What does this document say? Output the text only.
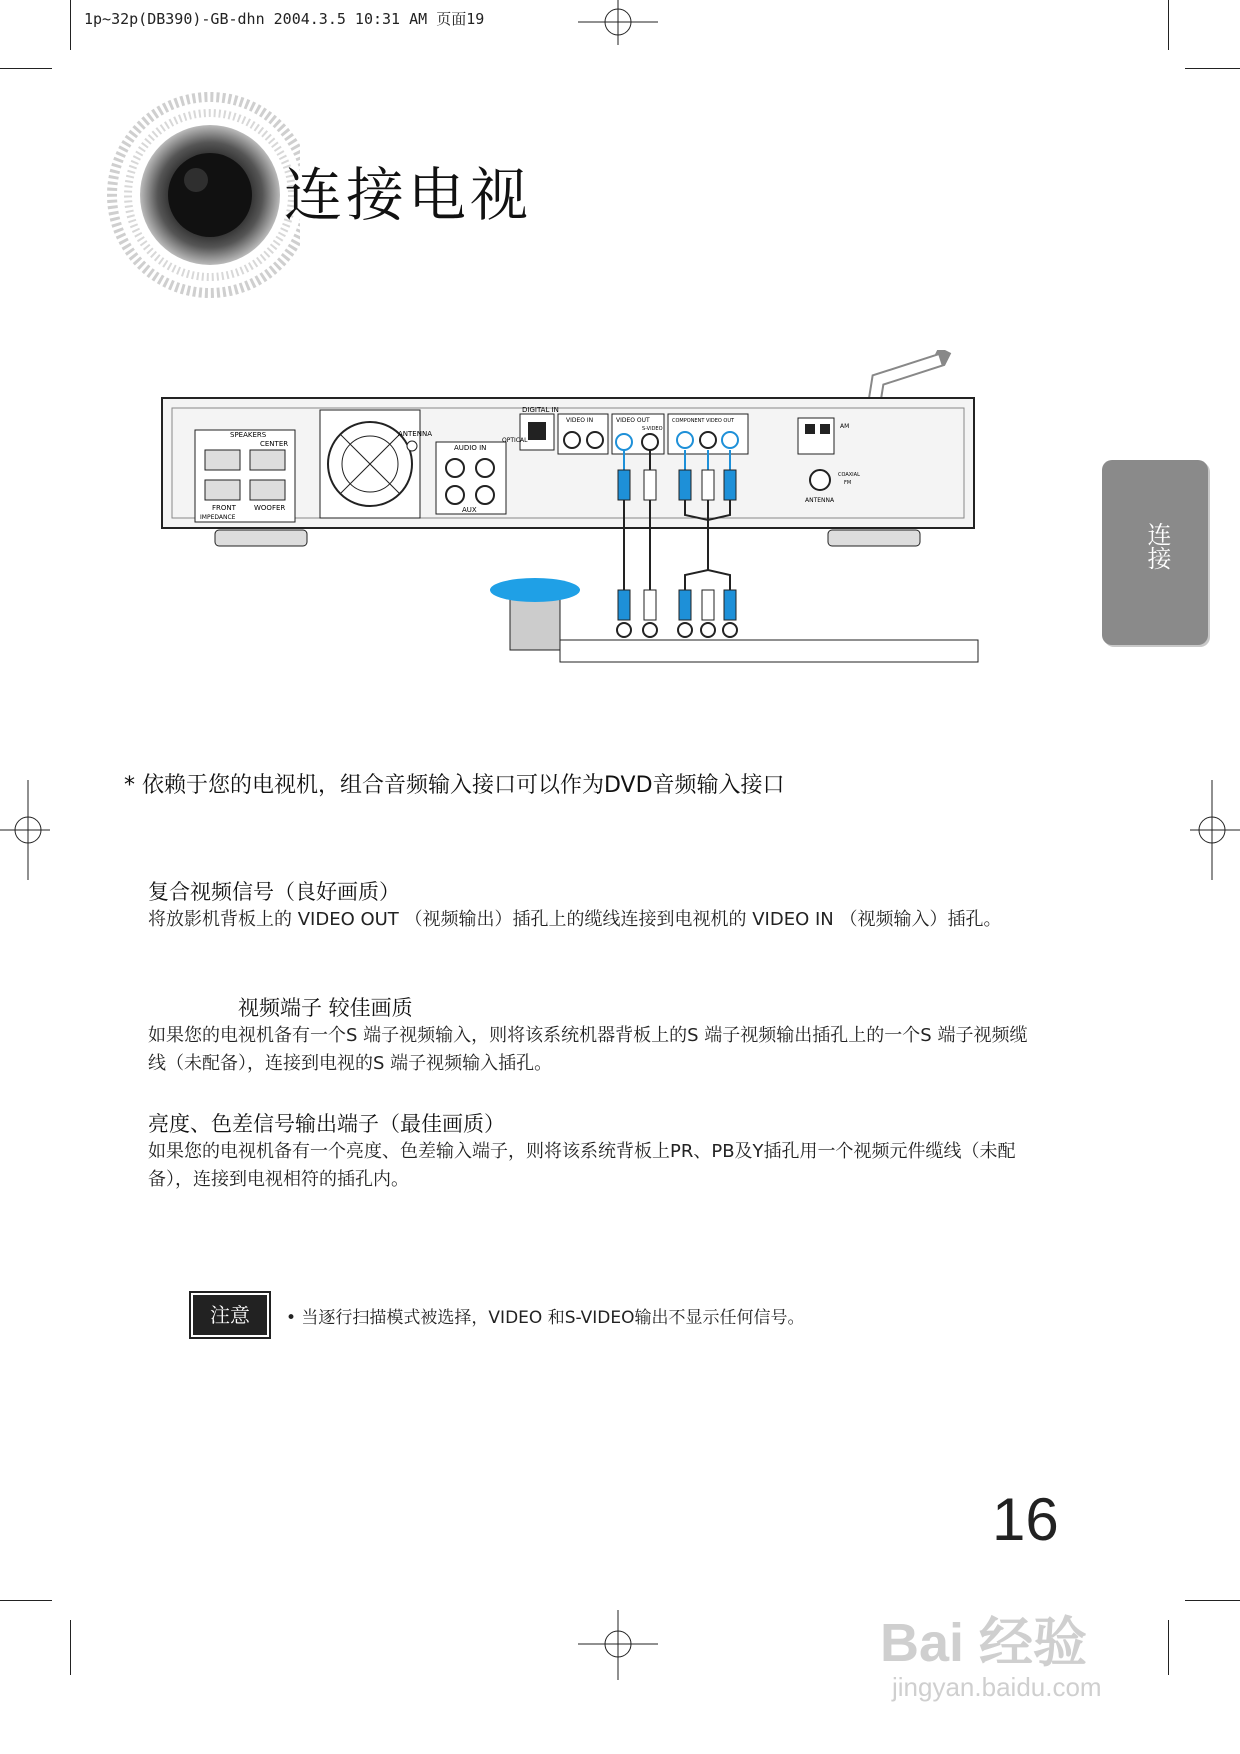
1p~32p(DB390)-GB-dhn 2004.3.5 10:31 AM 页面19
连接电视
连接
SPEAKERS
CENTER
FRONT	WOOFER
IMPEDANCE
ANTENNA
AUDIO IN
AUX
DIGITAL IN
OPTICAL
VIDEO IN	VIDEO OUT
S-VIDEO
COMPONENT VIDEO OUT
AM
COAXIAL
FM
ANTENNA
* 依赖于您的电视机，组合音频输入接口可以作为DVD音频输入接口
复合视频信号（良好画质）
将放影机背板上的 VIDEO OUT （视频输出）插孔上的缆线连接到电视机的 VIDEO IN （视频输入）插孔。
视频端子 较佳画质
如果您的电视机备有一个S 端子视频输入，则将该系统机器背板上的S 端子视频输出插孔上的一个S 端子视频缆线（未配备），连接到电视的S 端子视频输入插孔。
亮度、色差信号输出端子（最佳画质）
如果您的电视机备有一个亮度、色差输入端子，则将该系统背板上PR、PB及Y插孔用一个视频元件缆线（未配备），连接到电视相符的插孔内。
注意	• 当逐行扫描模式被选择，VIDEO 和S-VIDEO输出不显示任何信号。
16
Bai 经验
jingyan.baidu.com
